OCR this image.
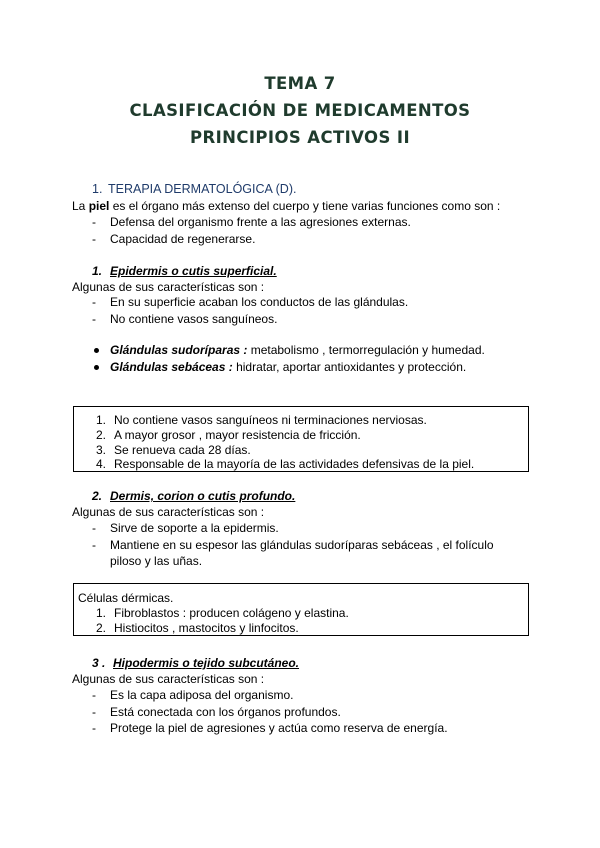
TEMA 7
CLASIFICACIÓN DE MEDICAMENTOS
PRINCIPIOS ACTIVOS II
1. TERAPIA DERMATOLÓGICA (D).
La piel es el órgano más extenso del cuerpo y tiene varias funciones como son :
-	Defensa del organismo frente a las agresiones externas.
-	Capacidad de regenerarse.
1. Epidermis o cutis superficial.
Algunas de sus características son :
-	En su superficie acaban los conductos de las glándulas.
-	No contiene vasos sanguíneos.
Glándulas sudoríparas : metabolismo , termorregulación y humedad.
Glándulas sebáceas : hidratar, aportar antioxidantes y protección.
1. No contiene vasos sanguíneos ni terminaciones nerviosas.
2. A mayor grosor , mayor resistencia de fricción.
3. Se renueva cada 28 días.
4. Responsable de la mayoría de las actividades defensivas de la piel.
2. Dermis, corion o cutis profundo.
Algunas de sus características son :
-	Sirve de soporte a la epidermis.
-	Mantiene en su espesor las glándulas sudoríparas sebáceas , el folículo
piloso y las uñas.
Células dérmicas.
1. Fibroblastos : producen colágeno y elastina.
2. Histiocitos , mastocitos y linfocitos.
3 . Hipodermis o tejido subcutáneo.
Algunas de sus características son :
-	Es la capa adiposa del organismo.
-	Está conectada con los órganos profundos.
-	Protege la piel de agresiones y actúa como reserva de energía.
